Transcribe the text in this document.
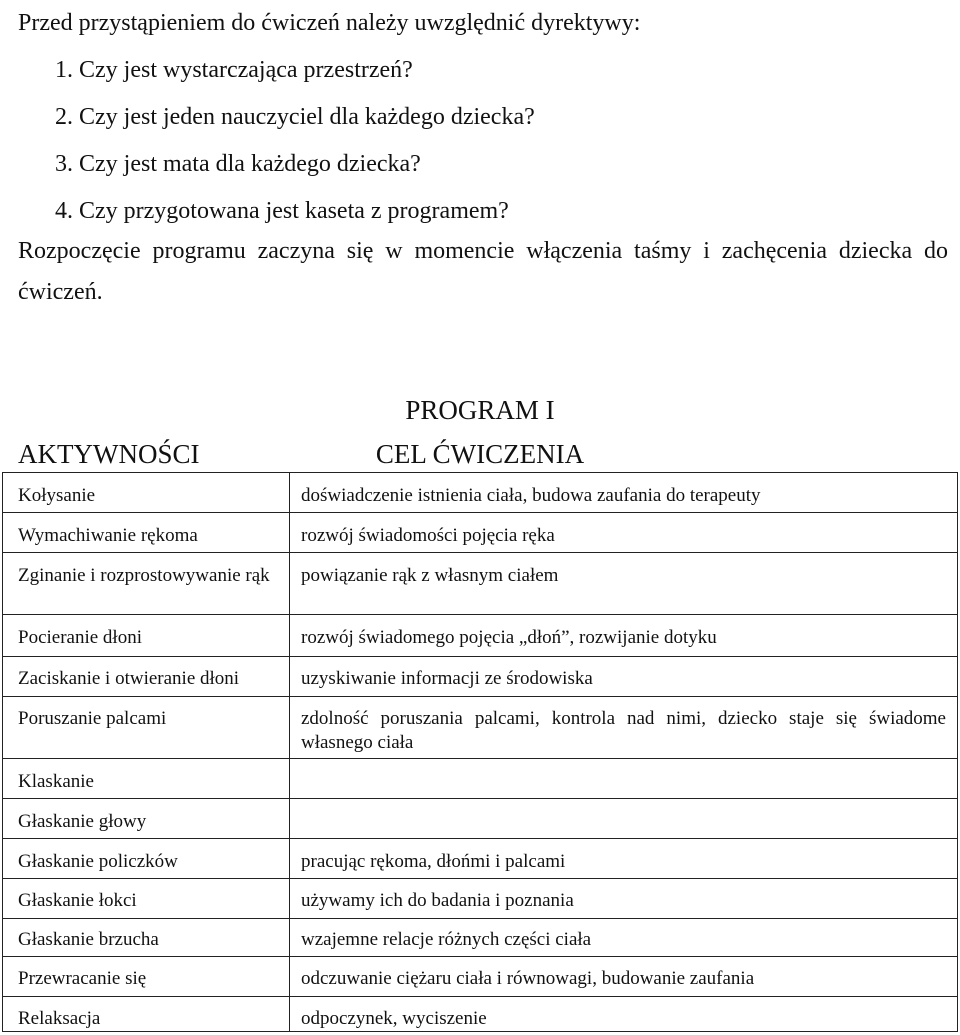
Przed przystąpieniem do ćwiczeń należy uwzględnić dyrektywy:
1. Czy jest wystarczająca przestrzeń?
2. Czy jest jeden nauczyciel dla każdego dziecka?
3. Czy jest mata dla każdego dziecka?
4. Czy przygotowana jest kaseta z programem?
Rozpoczęcie programu zaczyna się w momencie włączenia taśmy i zachęcenia dziecka do ćwiczeń.
PROGRAM I
AKTYWNOŚCI	CEL ĆWICZENIA
Kołysanie	doświadczenie istnienia ciała, budowa zaufania do terapeuty
Wymachiwanie rękoma	rozwój świadomości pojęcia ręka
Zginanie i rozprostowywanie rąk	powiązanie rąk z własnym ciałem
Pocieranie dłoni	rozwój świadomego pojęcia „dłoń”, rozwijanie dotyku
Zaciskanie i otwieranie dłoni	uzyskiwanie informacji ze środowiska
Poruszanie palcami	zdolność poruszania palcami, kontrola nad nimi, dziecko staje się świadome własnego ciała
Klaskanie
Głaskanie głowy
Głaskanie policzków	pracując rękoma, dłońmi i palcami
Głaskanie łokci	używamy ich do badania i poznania
Głaskanie brzucha	wzajemne relacje różnych części ciała
Przewracanie się	odczuwanie ciężaru ciała i równowagi, budowanie zaufania
Relaksacja	odpoczynek, wyciszenie
